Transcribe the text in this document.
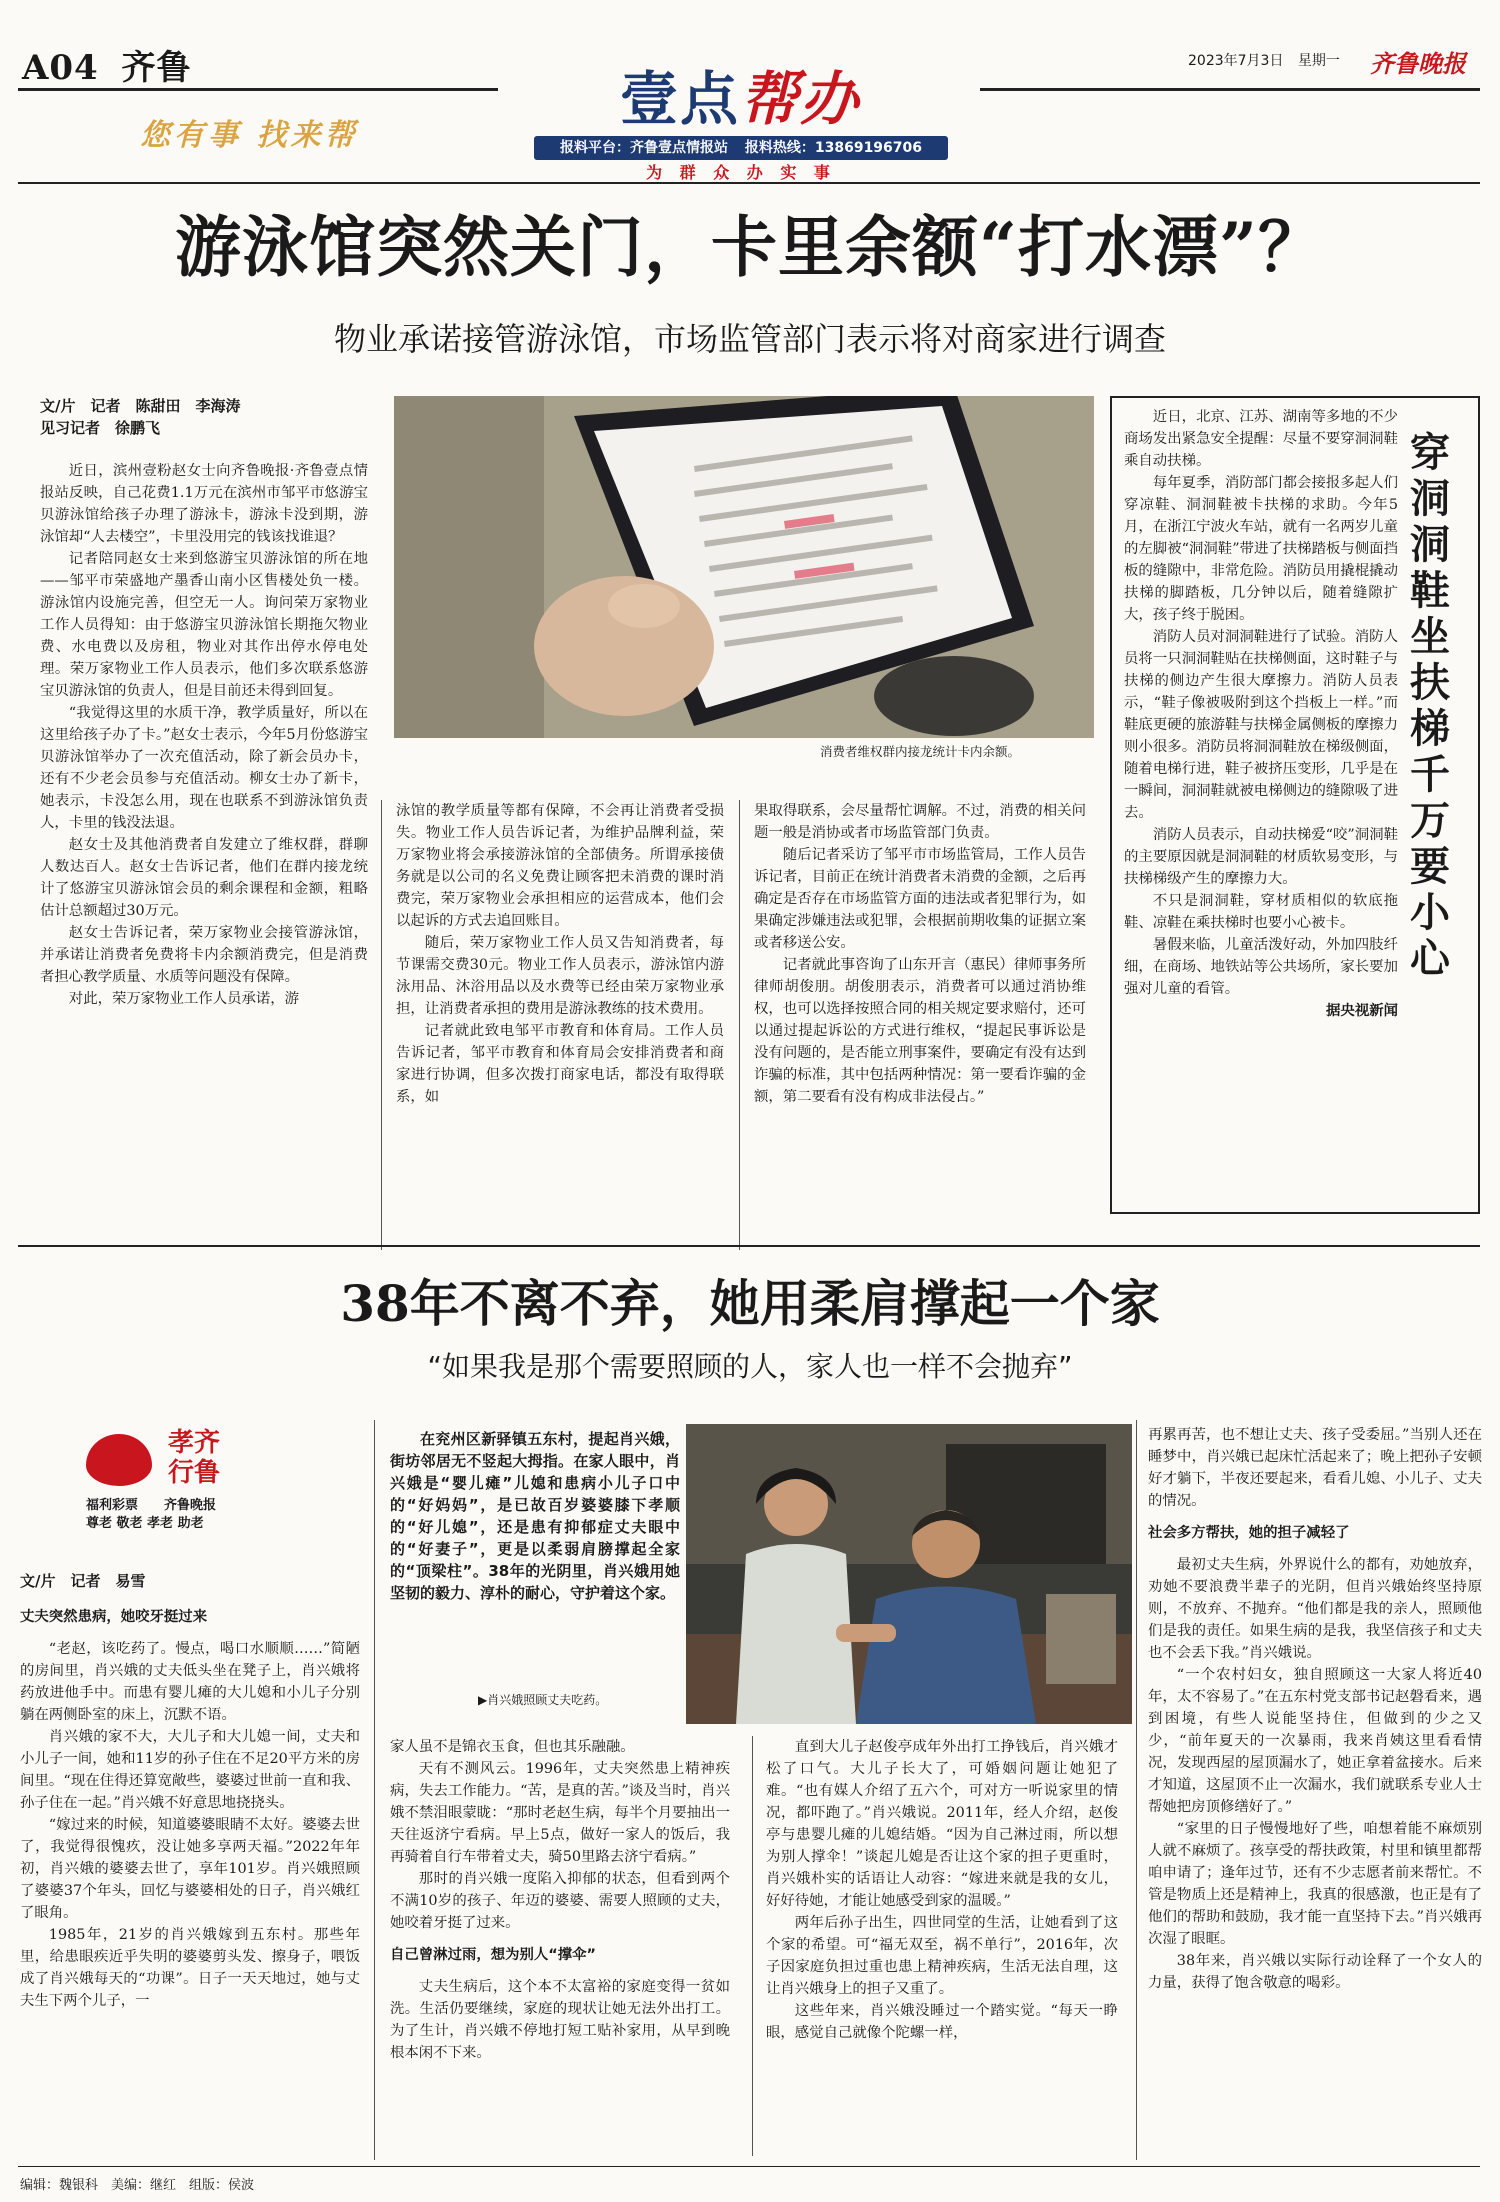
A04 齐鲁
您有事 找来帮
壹点帮办
报料平台：齐鲁壹点情报站 报料热线：13869196706
为 群 众 办 实 事
2023年7月3日 星期一 齐鲁晚报
游泳馆突然关门，卡里余额“打水漂”？
物业承诺接管游泳馆，市场监管部门表示将对商家进行调查
文/片　记者　陈甜田　李海涛
见习记者　徐鹏飞
消费者维权群内接龙统计卡内余额。

近日，滨州壹粉赵女士向齐鲁晚报·齐鲁壹点情报站反映，自己花费1.1万元在滨州市邹平市悠游宝贝游泳馆给孩子办理了游泳卡，游泳卡没到期，游泳馆却“人去楼空”，卡里没用完的钱该找谁退？

记者陪同赵女士来到悠游宝贝游泳馆的所在地——邹平市荣盛地产墨香山南小区售楼处负一楼。游泳馆内设施完善，但空无一人。询问荣万家物业工作人员得知：由于悠游宝贝游泳馆长期拖欠物业费、水电费以及房租，物业对其作出停水停电处理。荣万家物业工作人员表示，他们多次联系悠游宝贝游泳馆的负责人，但是目前还未得到回复。

“我觉得这里的水质干净，教学质量好，所以在这里给孩子办了卡。”赵女士表示，今年5月份悠游宝贝游泳馆举办了一次充值活动，除了新会员办卡，还有不少老会员参与充值活动。柳女士办了新卡，她表示，卡没怎么用，现在也联系不到游泳馆负责人，卡里的钱没法退。

赵女士及其他消费者自发建立了维权群，群聊人数达百人。赵女士告诉记者，他们在群内接龙统计了悠游宝贝游泳馆会员的剩余课程和金额，粗略估计总额超过30万元。

赵女士告诉记者，荣万家物业会接管游泳馆，并承诺让消费者免费将卡内余额消费完，但是消费者担心教学质量、水质等问题没有保障。

对此，荣万家物业工作人员承诺，游

泳馆的教学质量等都有保障，不会再让消费者受损失。物业工作人员告诉记者，为维护品牌利益，荣万家物业将会承接游泳馆的全部债务。所谓承接债务就是以公司的名义免费让顾客把未消费的课时消费完，荣万家物业会承担相应的运营成本，他们会以起诉的方式去追回账目。

随后，荣万家物业工作人员又告知消费者，每节课需交费30元。物业工作人员表示，游泳馆内游泳用品、沐浴用品以及水费等已经由荣万家物业承担，让消费者承担的费用是游泳教练的技术费用。

记者就此致电邹平市教育和体育局。工作人员告诉记者，邹平市教育和体育局会安排消费者和商家进行协调，但多次拨打商家电话，都没有取得联系，如

果取得联系，会尽量帮忙调解。不过，消费的相关问题一般是消协或者市场监管部门负责。

随后记者采访了邹平市市场监管局，工作人员告诉记者，目前正在统计消费者未消费的金额，之后再确定是否存在市场监管方面的违法或者犯罪行为，如果确定涉嫌违法或犯罪，会根据前期收集的证据立案或者移送公安。

记者就此事咨询了山东开言（惠民）律师事务所律师胡俊朋。胡俊朋表示，消费者可以通过消协维权，也可以选择按照合同的相关规定要求赔付，还可以通过提起诉讼的方式进行维权，“提起民事诉讼是没有问题的，是否能立刑事案件，要确定有没有达到诈骗的标准，其中包括两种情况：第一要看诈骗的金额，第二要看有没有构成非法侵占。”

近日，北京、江苏、湖南等多地的不少商场发出紧急安全提醒：尽量不要穿洞洞鞋乘自动扶梯。

每年夏季，消防部门都会接报多起人们穿凉鞋、洞洞鞋被卡扶梯的求助。今年5月，在浙江宁波火车站，就有一名两岁儿童的左脚被“洞洞鞋”带进了扶梯踏板与侧面挡板的缝隙中，非常危险。消防员用撬棍撬动扶梯的脚踏板，几分钟以后，随着缝隙扩大，孩子终于脱困。

消防人员对洞洞鞋进行了试验。消防人员将一只洞洞鞋贴在扶梯侧面，这时鞋子与扶梯的侧边产生很大摩擦力。消防人员表示，“鞋子像被吸附到这个挡板上一样。”而鞋底更硬的旅游鞋与扶梯金属侧板的摩擦力则小很多。消防员将洞洞鞋放在梯级侧面，随着电梯行进，鞋子被挤压变形，几乎是在一瞬间，洞洞鞋就被电梯侧边的缝隙吸了进去。

消防人员表示，自动扶梯爱“咬”洞洞鞋的主要原因就是洞洞鞋的材质软易变形，与扶梯梯级产生的摩擦力大。

不只是洞洞鞋，穿材质相似的软底拖鞋、凉鞋在乘扶梯时也要小心被卡。

暑假来临，儿童活泼好动，外加四肢纤细，在商场、地铁站等公共场所，家长要加强对儿童的看管。

据央视新闻

穿洞洞鞋坐扶梯千万要小心
38年不离不弃，她用柔肩撑起一个家
“如果我是那个需要照顾的人，家人也一样不会抛弃”
孝齐行鲁
福利彩票　　齐鲁晚报
尊老 敬老 孝老 助老
文/片　记者　易雪

在兖州区新驿镇五东村，提起肖兴娥，街坊邻居无不竖起大拇指。在家人眼中，肖兴娥是“婴儿瘫”儿媳和患病小儿子口中的“好妈妈”，是已故百岁婆婆膝下孝顺的“好儿媳”，还是患有抑郁症丈夫眼中的“好妻子”，更是以柔弱肩膀撑起全家的“顶梁柱”。38年的光阴里，肖兴娥用她坚韧的毅力、淳朴的耐心，守护着这个家。

▶肖兴娥照顾丈夫吃药。
丈夫突然患病，她咬牙挺过来

“老赵，该吃药了。慢点，喝口水顺顺……”简陋的房间里，肖兴娥的丈夫低头坐在凳子上，肖兴娥将药放进他手中。而患有婴儿瘫的大儿媳和小儿子分别躺在两侧卧室的床上，沉默不语。

肖兴娥的家不大，大儿子和大儿媳一间，丈夫和小儿子一间，她和11岁的孙子住在不足20平方米的房间里。“现在住得还算宽敞些，婆婆过世前一直和我、孙子住在一起。”肖兴娥不好意思地挠挠头。

“嫁过来的时候，知道婆婆眼睛不太好。婆婆去世了，我觉得很愧疚，没让她多享两天福。”2022年年初，肖兴娥的婆婆去世了，享年101岁。肖兴娥照顾了婆婆37个年头，回忆与婆婆相处的日子，肖兴娥红了眼角。

1985年，21岁的肖兴娥嫁到五东村。那些年里，给患眼疾近乎失明的婆婆剪头发、擦身子，喂饭成了肖兴娥每天的“功课”。日子一天天地过，她与丈夫生下两个儿子，一

家人虽不是锦衣玉食，但也其乐融融。

天有不测风云。1996年，丈夫突然患上精神疾病，失去工作能力。“苦，是真的苦。”谈及当时，肖兴娥不禁泪眼蒙眬：“那时老赵生病，每半个月要抽出一天往返济宁看病。早上5点，做好一家人的饭后，我再骑着自行车带着丈夫，骑50里路去济宁看病。”

那时的肖兴娥一度陷入抑郁的状态，但看到两个不满10岁的孩子、年迈的婆婆、需要人照顾的丈夫，她咬着牙挺了过来。

自己曾淋过雨，想为别人“撑伞”

丈夫生病后，这个本不太富裕的家庭变得一贫如洗。生活仍要继续，家庭的现状让她无法外出打工。为了生计，肖兴娥不停地打短工贴补家用，从早到晚根本闲不下来。

直到大儿子赵俊亭成年外出打工挣钱后，肖兴娥才松了口气。大儿子长大了，可婚姻问题让她犯了难。“也有媒人介绍了五六个，可对方一听说家里的情况，都吓跑了。”肖兴娥说。2011年，经人介绍，赵俊亭与患婴儿瘫的儿媳结婚。“因为自己淋过雨，所以想为别人撑伞！”谈起儿媳是否让这个家的担子更重时，肖兴娥朴实的话语让人动容：“嫁进来就是我的女儿，好好待她，才能让她感受到家的温暖。”

两年后孙子出生，四世同堂的生活，让她看到了这个家的希望。可“福无双至，祸不单行”，2016年，次子因家庭负担过重也患上精神疾病，生活无法自理，这让肖兴娥身上的担子又重了。

这些年来，肖兴娥没睡过一个踏实觉。“每天一睁眼，感觉自己就像个陀螺一样，

再累再苦，也不想让丈夫、孩子受委屈。”当别人还在睡梦中，肖兴娥已起床忙活起来了；晚上把孙子安顿好才躺下，半夜还要起来，看看儿媳、小儿子、丈夫的情况。

社会多方帮扶，她的担子减轻了

最初丈夫生病，外界说什么的都有，劝她放弃，劝她不要浪费半辈子的光阴，但肖兴娥始终坚持原则，不放弃、不抛弃。“他们都是我的亲人，照顾他们是我的责任。如果生病的是我，我坚信孩子和丈夫也不会丢下我。”肖兴娥说。

“一个农村妇女，独自照顾这一大家人将近40年，太不容易了。”在五东村党支部书记赵磐看来，遇到困境，有些人说能坚持住，但做到的少之又少，“前年夏天的一次暴雨，我来肖姨这里看看情况，发现西屋的屋顶漏水了，她正拿着盆接水。后来才知道，这屋顶不止一次漏水，我们就联系专业人士帮她把房顶修缮好了。”

“家里的日子慢慢地好了些，咱想着能不麻烦别人就不麻烦了。孩享受的帮扶政策，村里和镇里都帮咱申请了；逢年过节，还有不少志愿者前来帮忙。不管是物质上还是精神上，我真的很感激，也正是有了他们的帮助和鼓励，我才能一直坚持下去。”肖兴娥再次湿了眼眶。

38年来，肖兴娥以实际行动诠释了一个女人的力量，获得了饱含敬意的喝彩。

编辑：魏银科　美编：继红　组版：侯波
